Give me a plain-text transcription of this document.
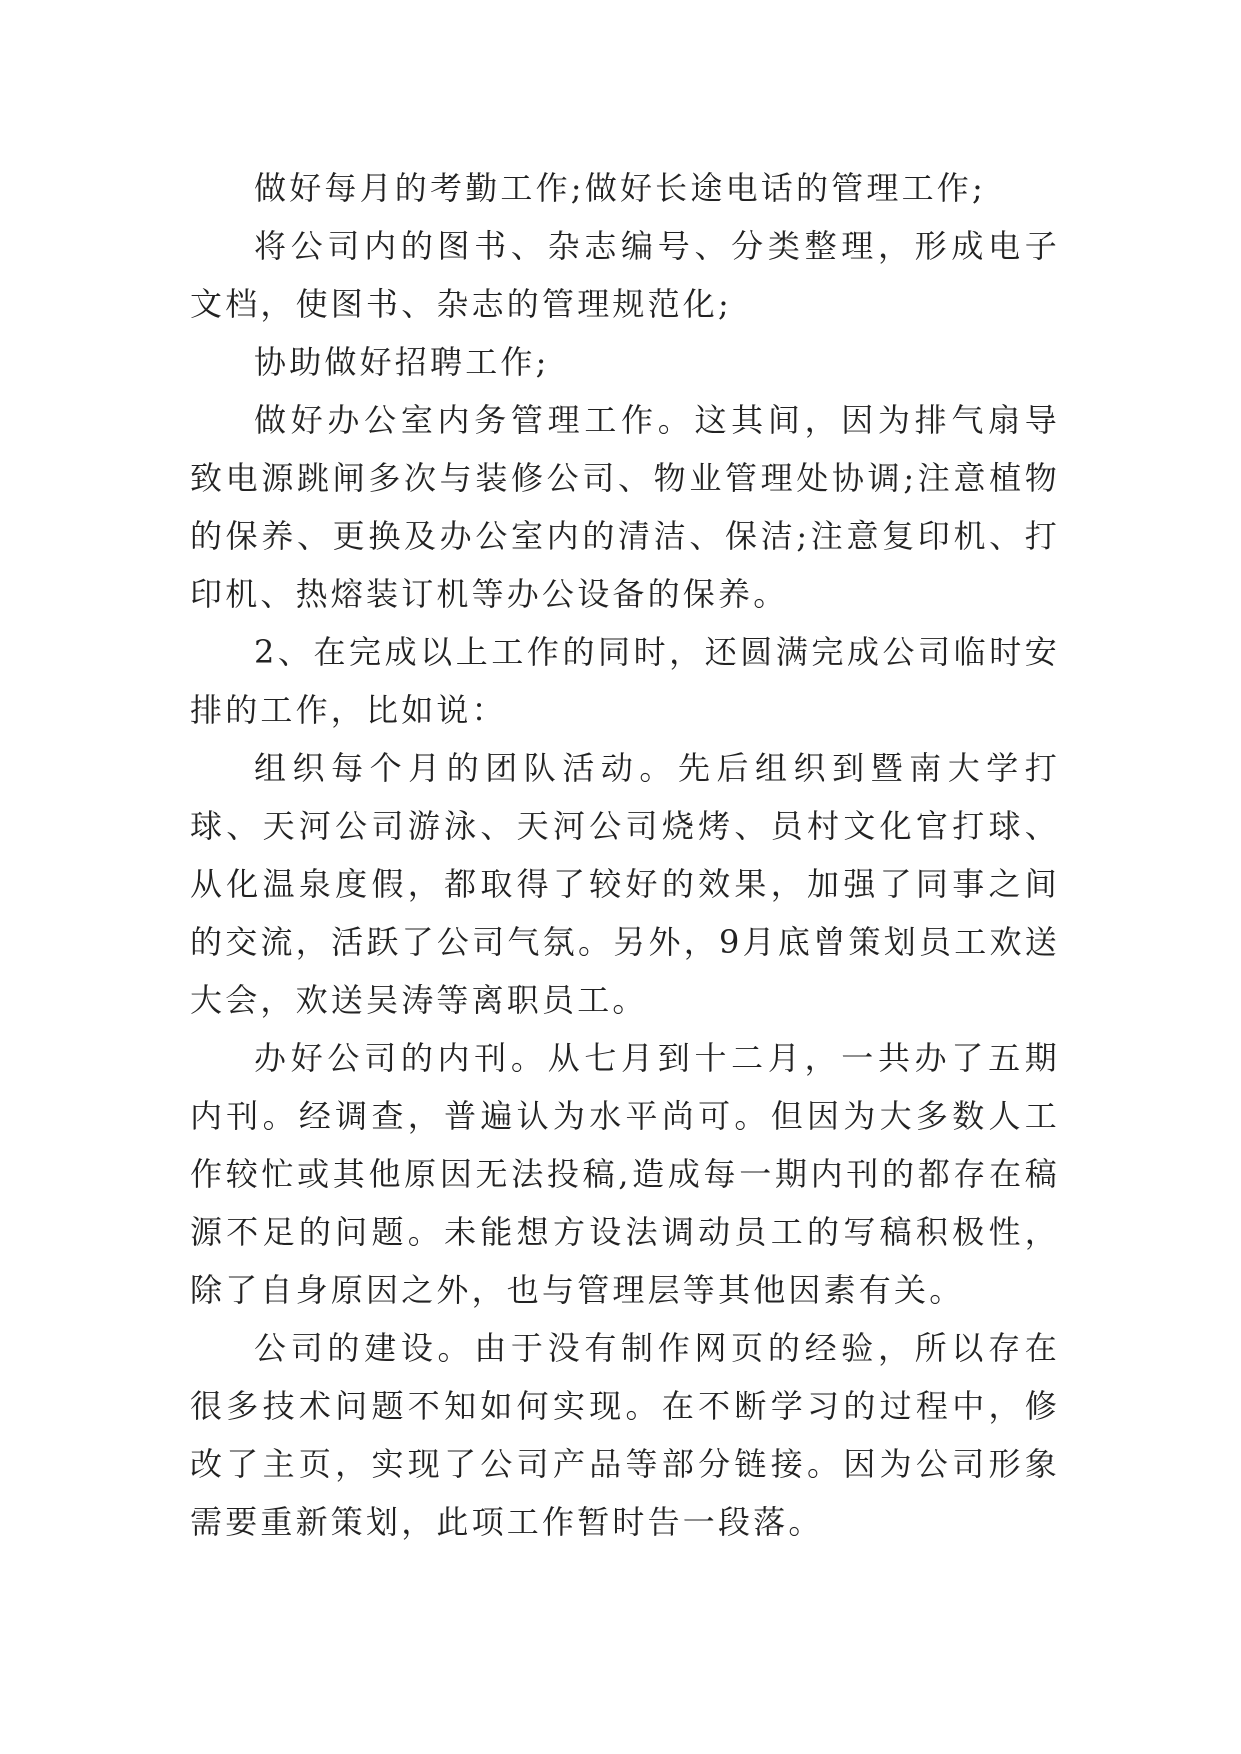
做好每月的考勤工作;做好长途电话的管理工作;

将公司内的图书、杂志编号、分类整理，形成电子文档，使图书、杂志的管理规范化;

协助做好招聘工作;

做好办公室内务管理工作。这其间，因为排气扇导致电源跳闸多次与装修公司、物业管理处协调;注意植物的保养、更换及办公室内的清洁、保洁;注意复印机、打印机、热熔装订机等办公设备的保养。

2、在完成以上工作的同时，还圆满完成公司临时安排的工作，比如说：

组织每个月的团队活动。先后组织到暨南大学打球、天河公司游泳、天河公司烧烤、员村文化官打球、从化温泉度假，都取得了较好的效果，加强了同事之间的交流，活跃了公司气氛。另外，9月底曾策划员工欢送大会，欢送吴涛等离职员工。

办好公司的内刊。从七月到十二月，一共办了五期内刊。经调查，普遍认为水平尚可。但因为大多数人工作较忙或其他原因无法投稿,造成每一期内刊的都存在稿源不足的问题。未能想方设法调动员工的写稿积极性，除了自身原因之外，也与管理层等其他因素有关。

公司的建设。由于没有制作网页的经验，所以存在很多技术问题不知如何实现。在不断学习的过程中，修改了主页，实现了公司产品等部分链接。因为公司形象需要重新策划，此项工作暂时告一段落。
